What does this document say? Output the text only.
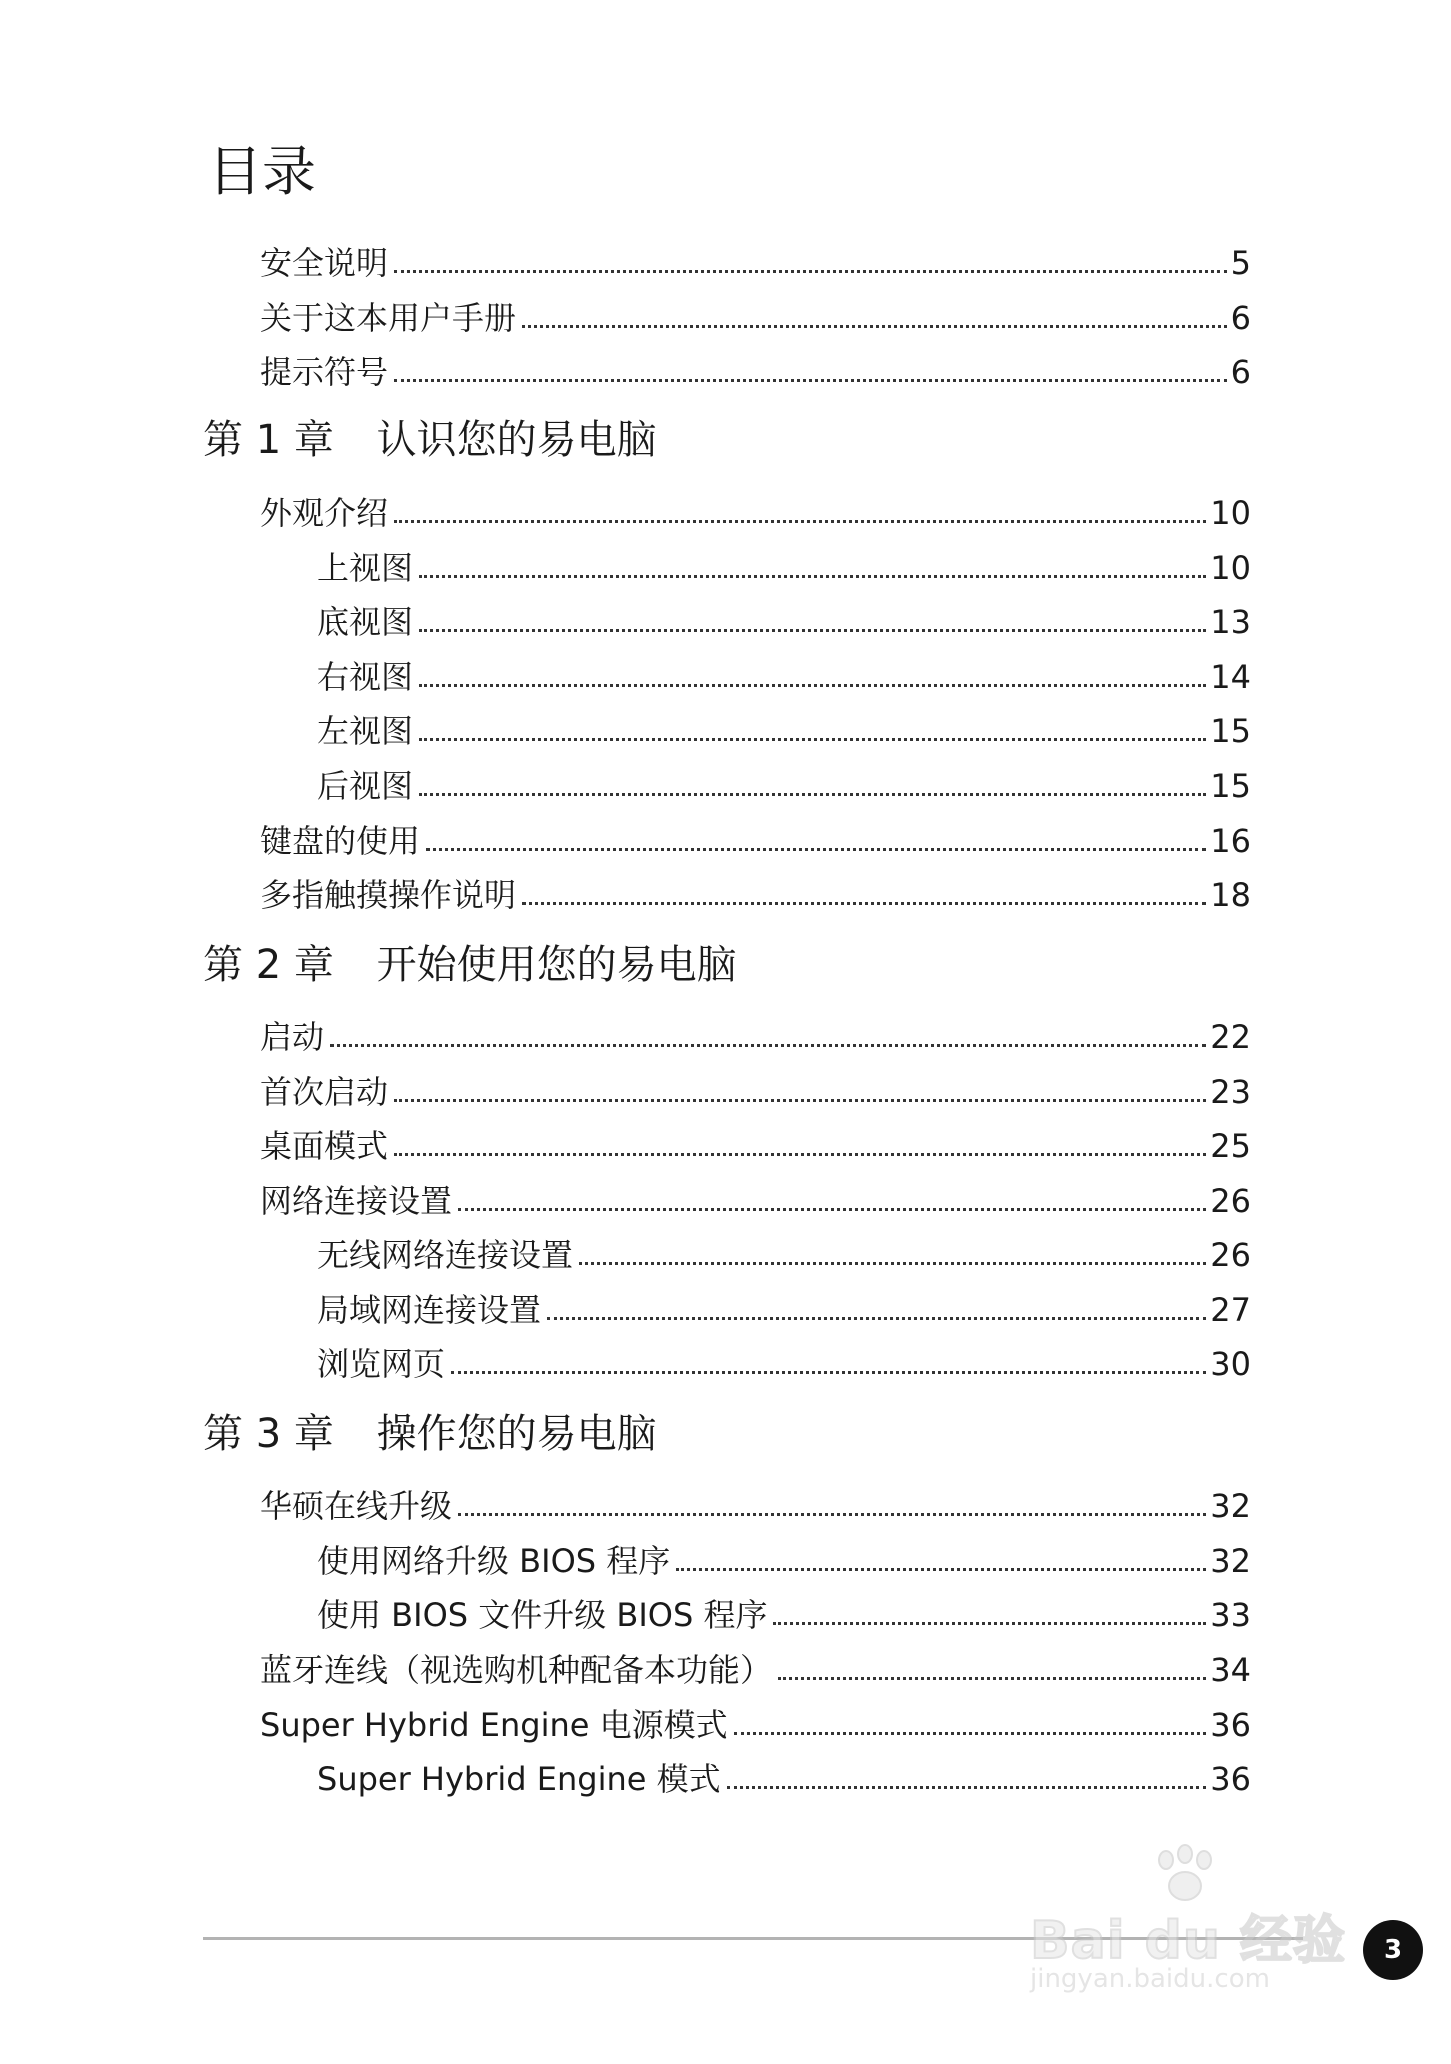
目录
安全说明	5
关于这本用户手册	6
提示符号	6
第 1 章 认识您的易电脑
外观介绍	10
上视图	10
底视图	13
右视图	14
左视图	15
后视图	15
键盘的使用	16
多指触摸操作说明	18
第 2 章 开始使用您的易电脑
启动	22
首次启动	23
桌面模式	25
网络连接设置	26
无线网络连接设置	26
局域网连接设置	27
浏览网页	30
第 3 章 操作您的易电脑
华硕在线升级	32
使用网络升级 BIOS 程序	32
使用 BIOS 文件升级 BIOS 程序	33
蓝牙连线（视选购机种配备本功能）	34
Super Hybrid Engine 电源模式	36
Super Hybrid Engine 模式	36
Bai du 经验
jingyan.baidu.com
3
